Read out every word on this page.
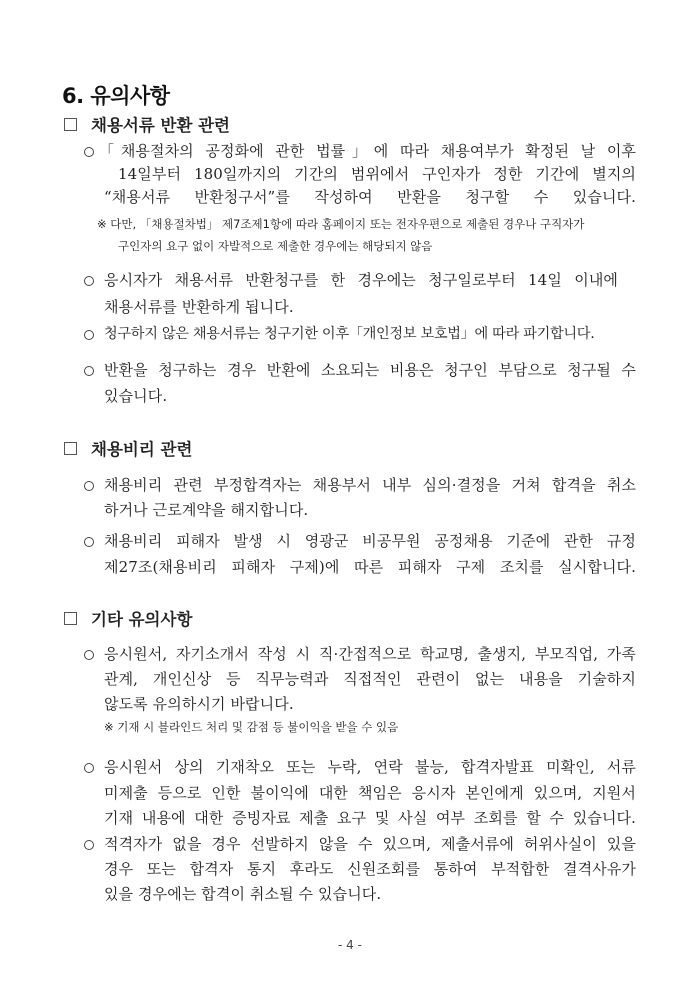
6. 유의사항
채용서류 반환 관련
「채용절차의 공정화에 관한 법률」에 따라 채용여부가 확정된 날 이후
14일부터 180일까지의 기간의 범위에서 구인자가 정한 기간에 별지의
“채용서류 반환청구서”를 작성하여 반환을 청구할 수 있습니다.
※ 다만, 「채용절차법」 제7조제1항에 따라 홈페이지 또는 전자우편으로 제출된 경우나 구직자가
구인자의 요구 없이 자발적으로 제출한 경우에는 해당되지 않음
응시자가 채용서류 반환청구를 한 경우에는 청구일로부터 14일 이내에
채용서류를 반환하게 됩니다.
청구하지 않은 채용서류는 청구기한 이후「개인정보 보호법」에 따라 파기합니다.
반환을 청구하는 경우 반환에 소요되는 비용은 청구인 부담으로 청구될 수
있습니다.
채용비리 관련
채용비리 관련 부정합격자는 채용부서 내부 심의·결정을 거쳐 합격을 취소
하거나 근로계약을 해지합니다.
채용비리 피해자 발생 시 영광군 비공무원 공정채용 기준에 관한 규정
제27조(채용비리 피해자 구제)에 따른 피해자 구제 조치를 실시합니다.
기타 유의사항
응시원서, 자기소개서 작성 시 직·간접적으로 학교명, 출생지, 부모직업, 가족
관계, 개인신상 등 직무능력과 직접적인 관련이 없는 내용을 기술하지
않도록 유의하시기 바랍니다.
※ 기재 시 블라인드 처리 및 감점 등 불이익을 받을 수 있음
응시원서 상의 기재착오 또는 누락, 연락 불능, 합격자발표 미확인, 서류
미제출 등으로 인한 불이익에 대한 책임은 응시자 본인에게 있으며, 지원서
기재 내용에 대한 증빙자료 제출 요구 및 사실 여부 조회를 할 수 있습니다.
적격자가 없을 경우 선발하지 않을 수 있으며, 제출서류에 허위사실이 있을
경우 또는 합격자 통지 후라도 신원조회를 통하여 부적합한 결격사유가
있을 경우에는 합격이 취소될 수 있습니다.
- 4 -
